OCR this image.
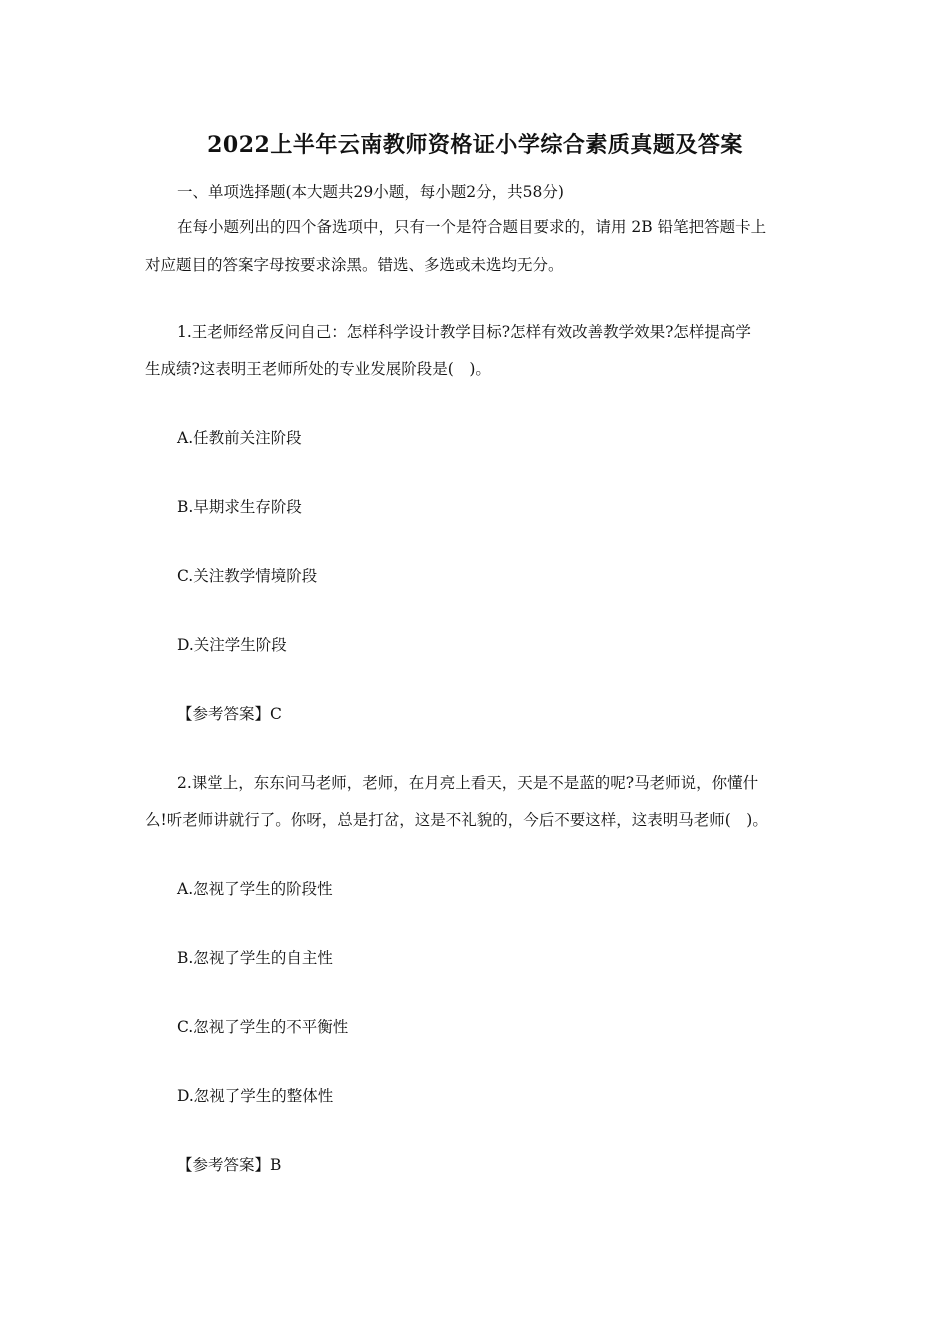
2022上半年云南教师资格证小学综合素质真题及答案
一、单项选择题(本大题共29小题，每小题2分，共58分)
在每小题列出的四个备选项中，只有一个是符合题目要求的，请用 2B 铅笔把答题卡上
对应题目的答案字母按要求涂黑。错选、多选或未选均无分。
1.王老师经常反问自己：怎样科学设计教学目标?怎样有效改善教学效果?怎样提高学
生成绩?这表明王老师所处的专业发展阶段是(　)。
A.任教前关注阶段
B.早期求生存阶段
C.关注教学情境阶段
D.关注学生阶段
【参考答案】C
2.课堂上，东东问马老师，老师，在月亮上看天，天是不是蓝的呢?马老师说，你懂什
么!听老师讲就行了。你呀，总是打岔，这是不礼貌的，今后不要这样，这表明马老师(　)。
A.忽视了学生的阶段性
B.忽视了学生的自主性
C.忽视了学生的不平衡性
D.忽视了学生的整体性
【参考答案】B
